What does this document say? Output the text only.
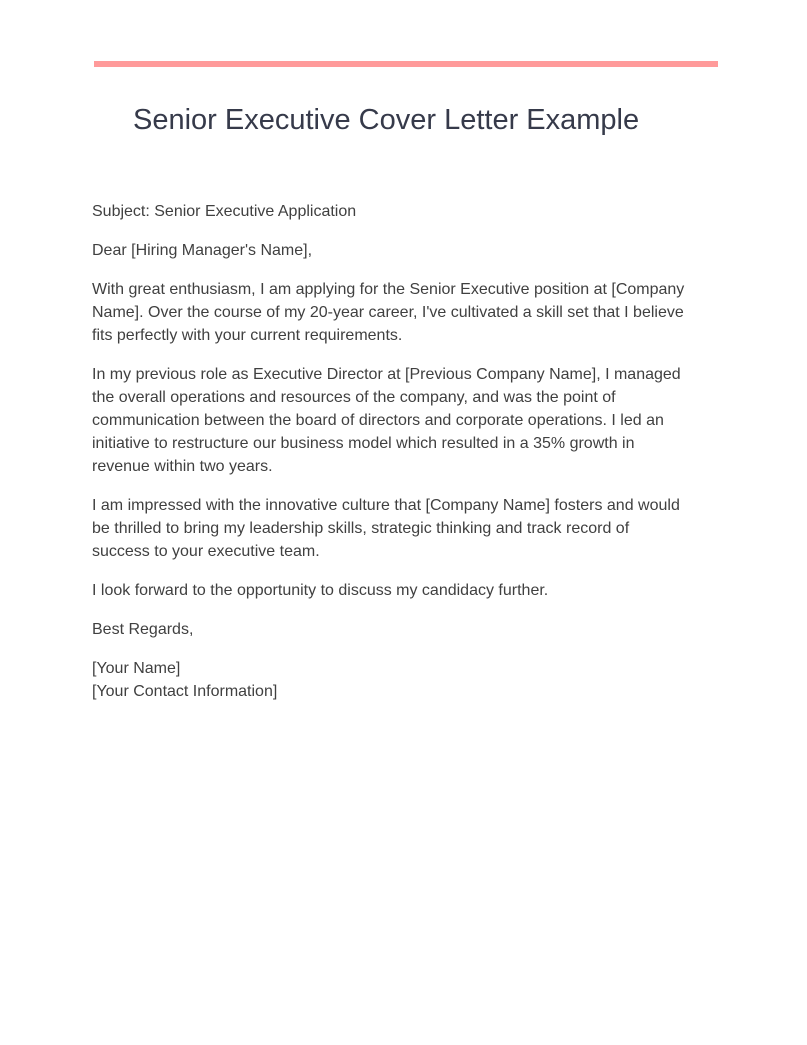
Senior Executive Cover Letter Example

Subject: Senior Executive Application

Dear [Hiring Manager's Name],

With great enthusiasm, I am applying for the Senior Executive position at [Company
Name]. Over the course of my 20-year career, I've cultivated a skill set that I believe
fits perfectly with your current requirements.

In my previous role as Executive Director at [Previous Company Name], I managed
the overall operations and resources of the company, and was the point of
communication between the board of directors and corporate operations. I led an
initiative to restructure our business model which resulted in a 35% growth in
revenue within two years.

I am impressed with the innovative culture that [Company Name] fosters and would
be thrilled to bring my leadership skills, strategic thinking and track record of
success to your executive team.

I look forward to the opportunity to discuss my candidacy further.

Best Regards,

[Your Name]
[Your Contact Information]
